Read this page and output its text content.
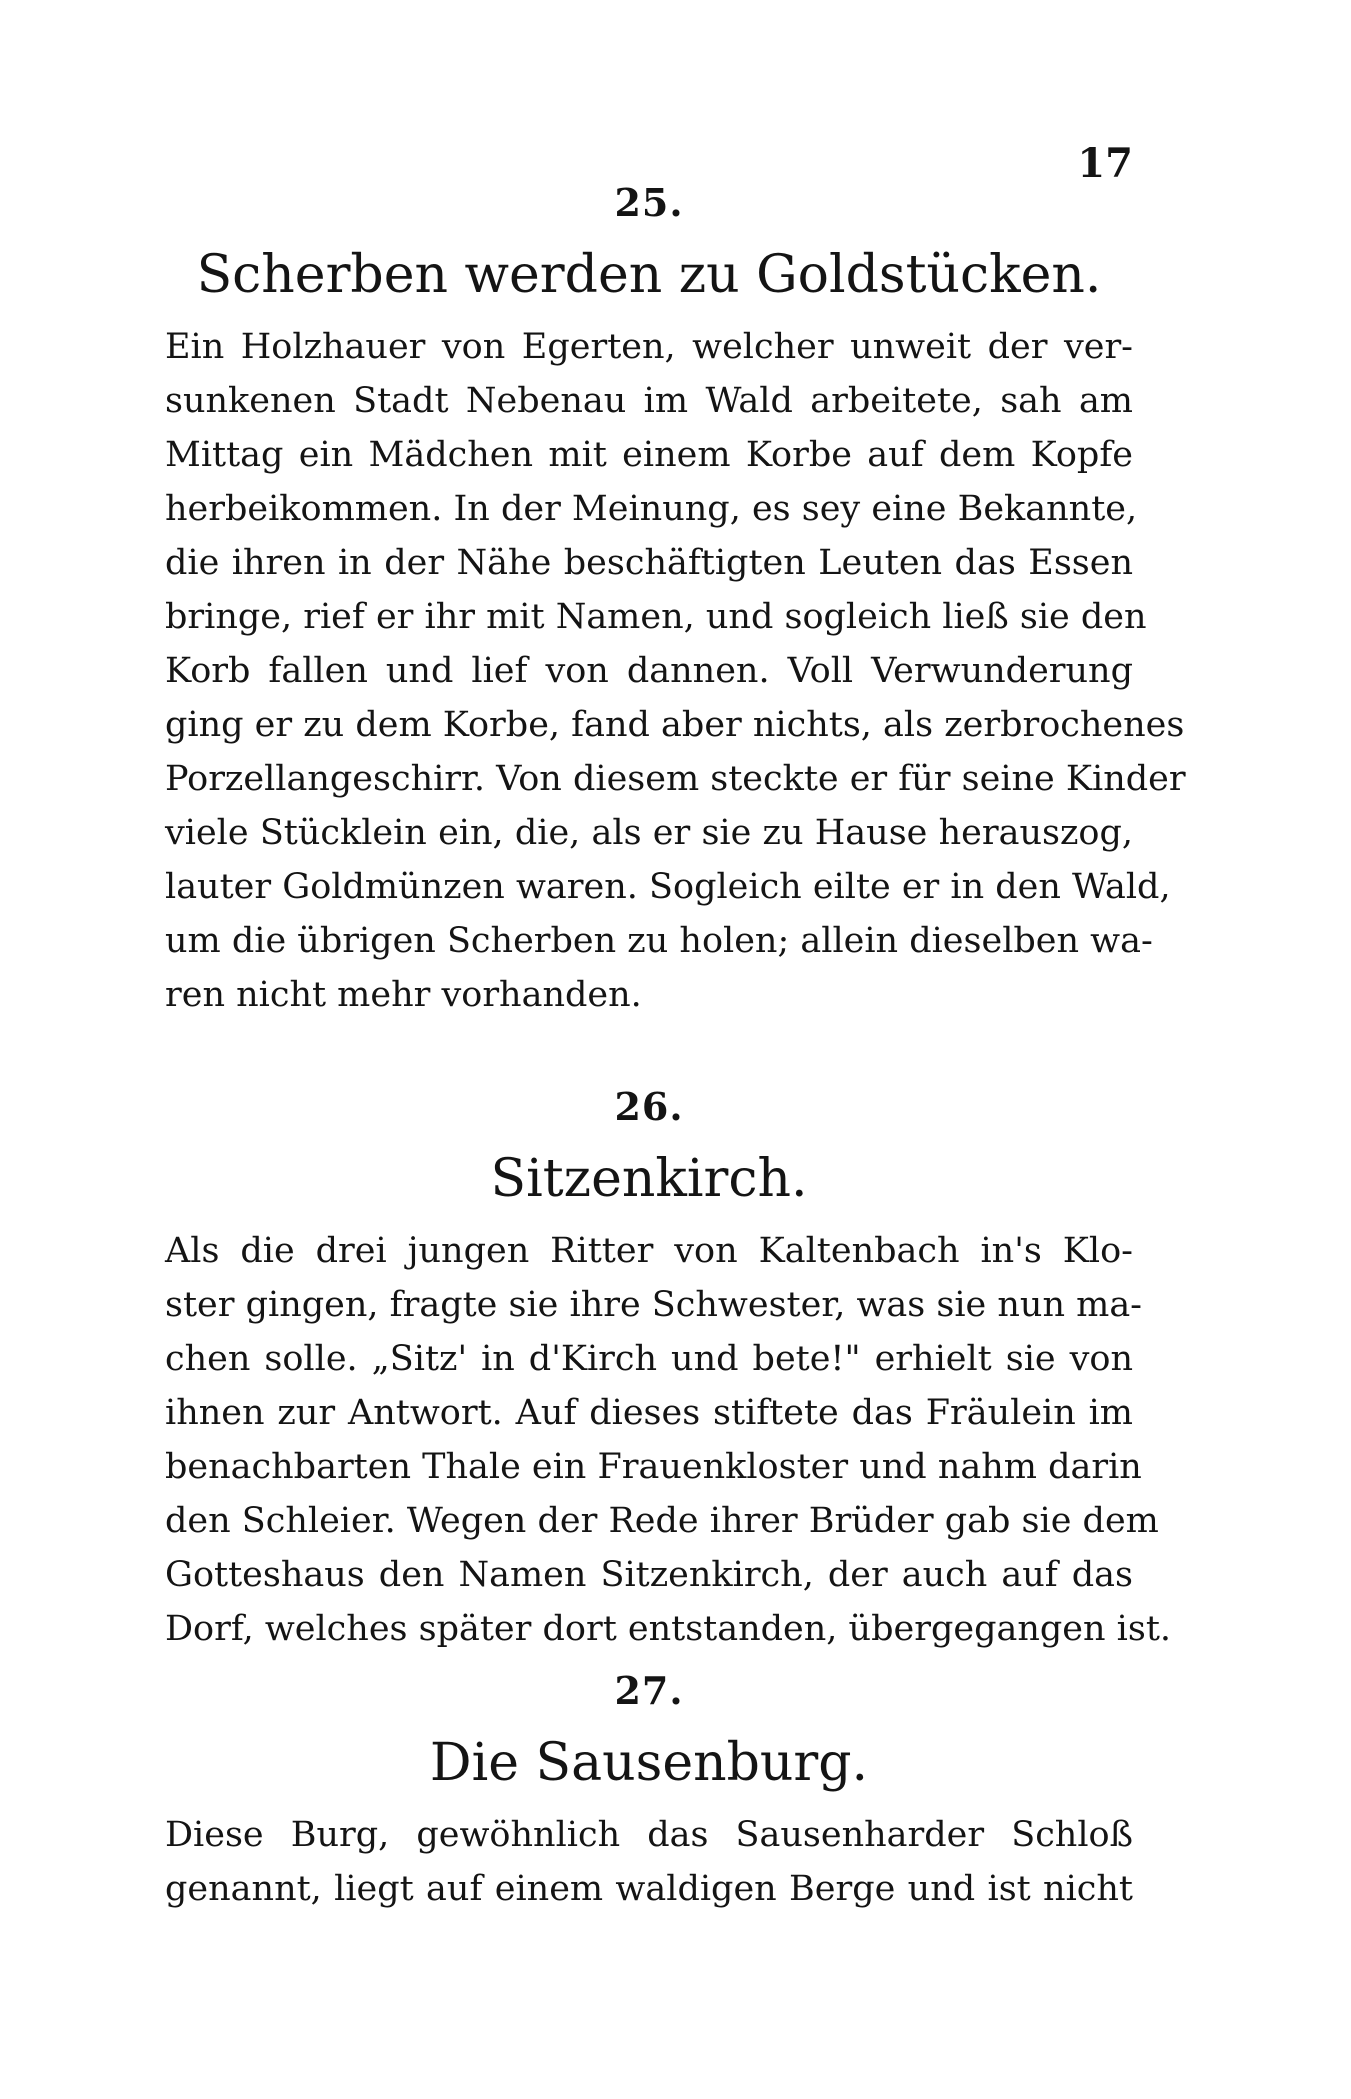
17
25.
Scherben werden zu Goldstücken.
Ein Holzhauer von Egerten, welcher unweit der ver-
sunkenen Stadt Nebenau im Wald arbeitete, sah am
Mittag ein Mädchen mit einem Korbe auf dem Kopfe
herbeikommen. In der Meinung, es sey eine Bekannte,
die ihren in der Nähe beschäftigten Leuten das Essen
bringe, rief er ihr mit Namen, und sogleich ließ sie den
Korb fallen und lief von dannen. Voll Verwunderung
ging er zu dem Korbe, fand aber nichts, als zerbrochenes
Porzellangeschirr. Von diesem steckte er für seine Kinder
viele Stücklein ein, die, als er sie zu Hause herauszog,
lauter Goldmünzen waren. Sogleich eilte er in den Wald,
um die übrigen Scherben zu holen; allein dieselben wa-
ren nicht mehr vorhanden.
26.
Sitzenkirch.
Als die drei jungen Ritter von Kaltenbach in's Klo-
ster gingen, fragte sie ihre Schwester, was sie nun ma-
chen solle. „Sitz' in d'Kirch und bete!" erhielt sie von
ihnen zur Antwort. Auf dieses stiftete das Fräulein im
benachbarten Thale ein Frauenkloster und nahm darin
den Schleier. Wegen der Rede ihrer Brüder gab sie dem
Gotteshaus den Namen Sitzenkirch, der auch auf das
Dorf, welches später dort entstanden, übergegangen ist.
27.
Die Sausenburg.
Diese Burg, gewöhnlich das Sausenharder Schloß
genannt, liegt auf einem waldigen Berge und ist nicht
